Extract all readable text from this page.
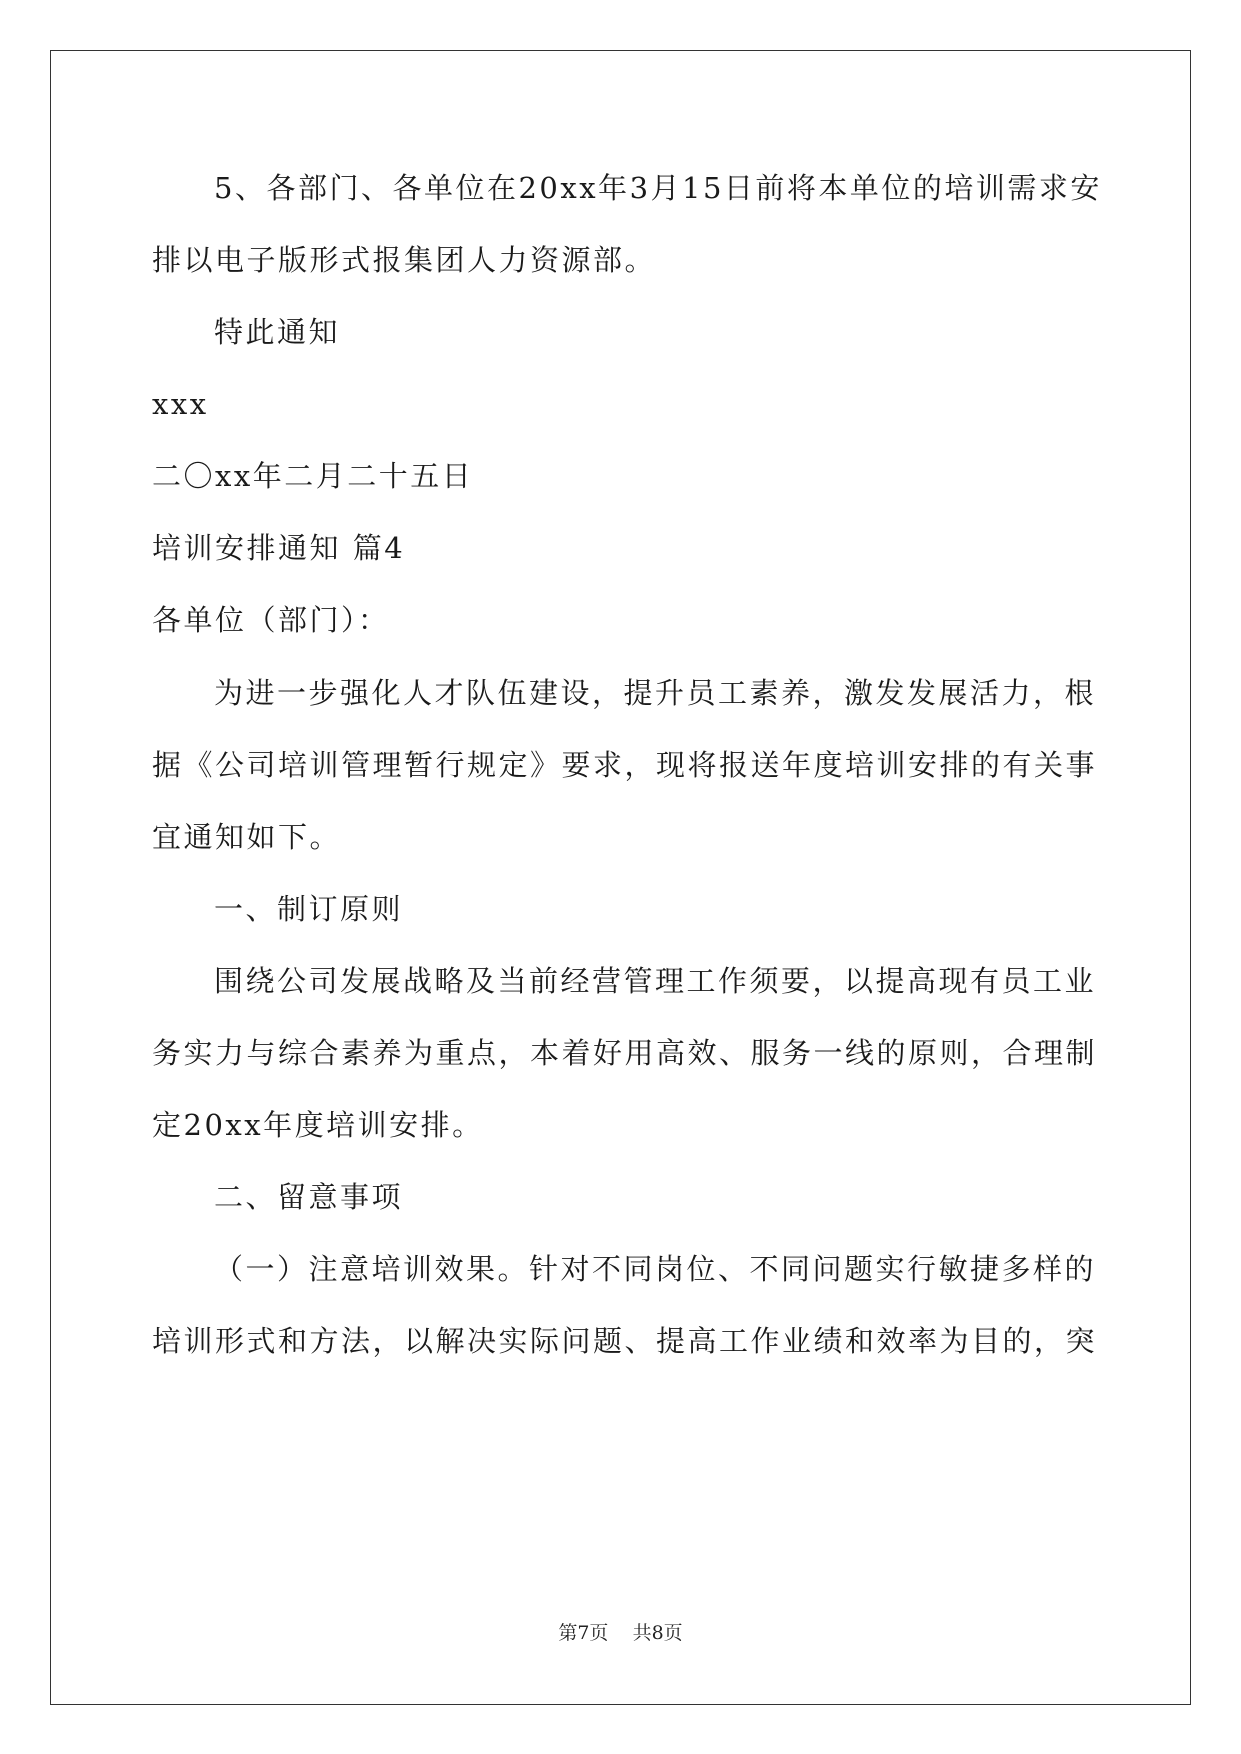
5、各部门、各单位在20xx年3月15日前将本单位的培训需求安
排以电子版形式报集团人力资源部。
特此通知
xxx
二〇xx年二月二十五日
培训安排通知 篇4
各单位（部门）：
为进一步强化人才队伍建设，提升员工素养，激发发展活力，根
据《公司培训管理暂行规定》要求，现将报送年度培训安排的有关事
宜通知如下。
一、制订原则
围绕公司发展战略及当前经营管理工作须要，以提高现有员工业
务实力与综合素养为重点，本着好用高效、服务一线的原则，合理制
定20xx年度培训安排。
二、留意事项
（一）注意培训效果。针对不同岗位、不同问题实行敏捷多样的
培训形式和方法，以解决实际问题、提高工作业绩和效率为目的，突
第7页 共8页
